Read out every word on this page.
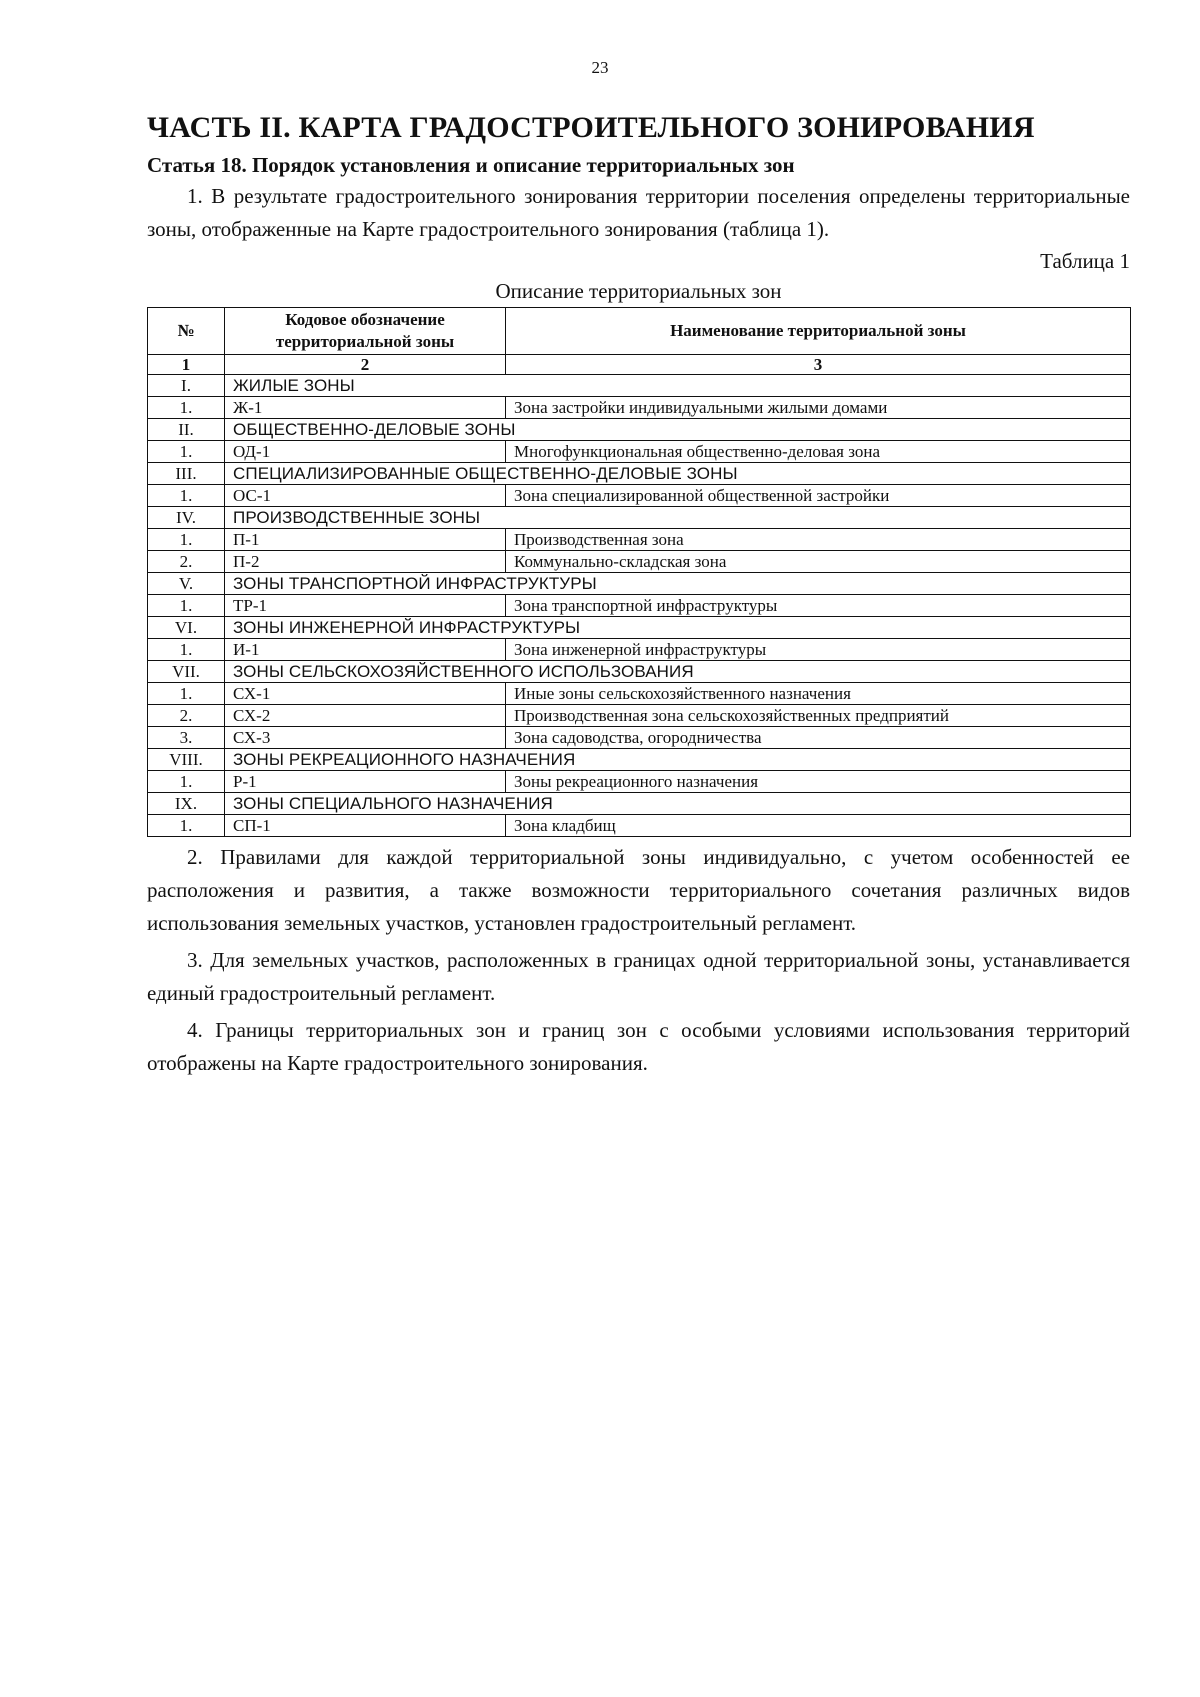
23
ЧАСТЬ II. КАРТА ГРАДОСТРОИТЕЛЬНОГО ЗОНИРОВАНИЯ
Статья 18. Порядок установления и описание территориальных зон

1. В результате градостроительного зонирования территории поселения определены территориальные зоны, отображенные на Карте градостроительного зонирования (таблица 1).

Таблица 1
Описание территориальных зон
№	Кодовое обозначение территориальной зоны	Наименование территориальной зоны
1	2	3
I.	ЖИЛЫЕ ЗОНЫ	
1.	Ж-1	Зона застройки индивидуальными жилыми домами
II.	ОБЩЕСТВЕННО-ДЕЛОВЫЕ ЗОНЫ	
1.	ОД-1	Многофункциональная общественно-деловая зона
III.	СПЕЦИАЛИЗИРОВАННЫЕ ОБЩЕСТВЕННО-ДЕЛОВЫЕ ЗОНЫ	
1.	ОС-1	Зона специализированной общественной застройки
IV.	ПРОИЗВОДСТВЕННЫЕ ЗОНЫ	
1.	П-1	Производственная зона
2.	П-2	Коммунально-складская зона
V.	ЗОНЫ ТРАНСПОРТНОЙ ИНФРАСТРУКТУРЫ	
1.	ТР-1	Зона транспортной инфраструктуры
VI.	ЗОНЫ ИНЖЕНЕРНОЙ ИНФРАСТРУКТУРЫ	
1.	И-1	Зона инженерной инфраструктуры
VII.	ЗОНЫ СЕЛЬСКОХОЗЯЙСТВЕННОГО ИСПОЛЬЗОВАНИЯ	
1.	СХ-1	Иные зоны сельскохозяйственного назначения
2.	СХ-2	Производственная зона сельскохозяйственных предприятий
3.	СХ-3	Зона садоводства, огородничества
VIII.	ЗОНЫ РЕКРЕАЦИОННОГО НАЗНАЧЕНИЯ	
1.	Р-1	Зоны рекреационного назначения
IX.	ЗОНЫ СПЕЦИАЛЬНОГО НАЗНАЧЕНИЯ	
1.	СП-1	Зона кладбищ

2. Правилами для каждой территориальной зоны индивидуально, с учетом особенностей ее расположения и развития, а также возможности территориального сочетания различных видов использования земельных участков, установлен градостроительный регламент.

3. Для земельных участков, расположенных в границах одной территориальной зоны, устанавливается единый градостроительный регламент.

4. Границы территориальных зон и границ зон с особыми условиями использования территорий отображены на Карте градостроительного зонирования.
